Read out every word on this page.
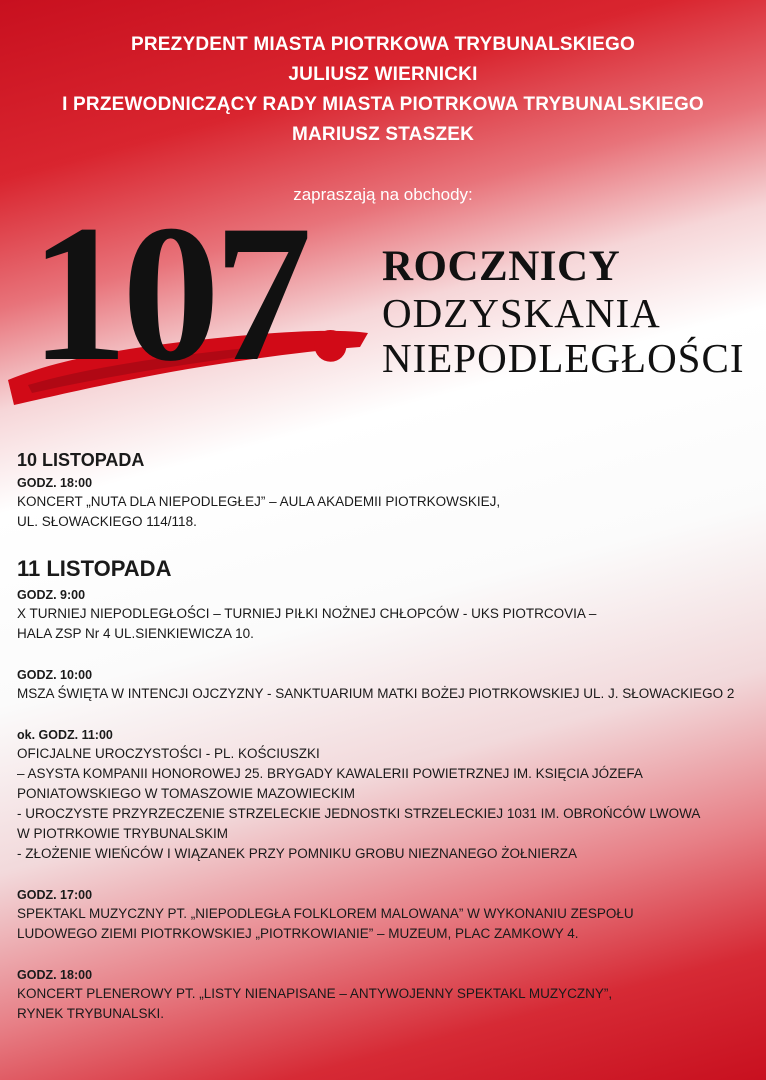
PREZYDENT MIASTA PIOTRKOWA TRYBUNALSKIEGO
JULIUSZ WIERNICKI
I PRZEWODNICZĄCY RADY MIASTA PIOTRKOWA TRYBUNALSKIEGO
MARIUSZ STASZEK
zapraszają na obchody:
107. ROCZNICY
ODZYSKANIA
NIEPODLEGŁOŚCI
10 LISTOPADA
GODZ. 18:00
KONCERT „NUTA DLA NIEPODLEGŁEJ” – AULA AKADEMII PIOTRKOWSKIEJ,
UL. SŁOWACKIEGO 114/118.
11 LISTOPADA
GODZ. 9:00
X TURNIEJ NIEPODLEGŁOŚCI – TURNIEJ PIŁKI NOŻNEJ CHŁOPCÓW - UKS PIOTRCOVIA –
HALA ZSP Nr 4 UL.SIENKIEWICZA 10.
GODZ. 10:00
MSZA ŚWIĘTA W INTENCJI OJCZYZNY - SANKTUARIUM MATKI BOŻEJ PIOTRKOWSKIEJ UL. J. SŁOWACKIEGO 2
ok. GODZ. 11:00
OFICJALNE UROCZYSTOŚCI - PL. KOŚCIUSZKI
– ASYSTA KOMPANII HONOROWEJ 25. BRYGADY KAWALERII POWIETRZNEJ IM. KSIĘCIA JÓZEFA
PONIATOWSKIEGO W TOMASZOWIE MAZOWIECKIM
- UROCZYSTE PRZYRZECZENIE STRZELECKIE JEDNOSTKI STRZELECKIEJ 1031 IM. OBROŃCÓW LWOWA
W PIOTRKOWIE TRYBUNALSKIM
- ZŁOŻENIE WIEŃCÓW I WIĄZANEK PRZY POMNIKU GROBU NIEZNANEGO ŻOŁNIERZA
GODZ. 17:00
SPEKTAKL MUZYCZNY PT. „NIEPODLEGŁA FOLKLOREM MALOWANA” W WYKONANIU ZESPOŁU
LUDOWEGO ZIEMI PIOTRKOWSKIEJ „PIOTRKOWIANIE” – MUZEUM, PLAC ZAMKOWY 4.
GODZ. 18:00
KONCERT PLENEROWY PT. „LISTY NIENAPISANE – ANTYWOJENNY SPEKTAKL MUZYCZNY”,
RYNEK TRYBUNALSKI.
